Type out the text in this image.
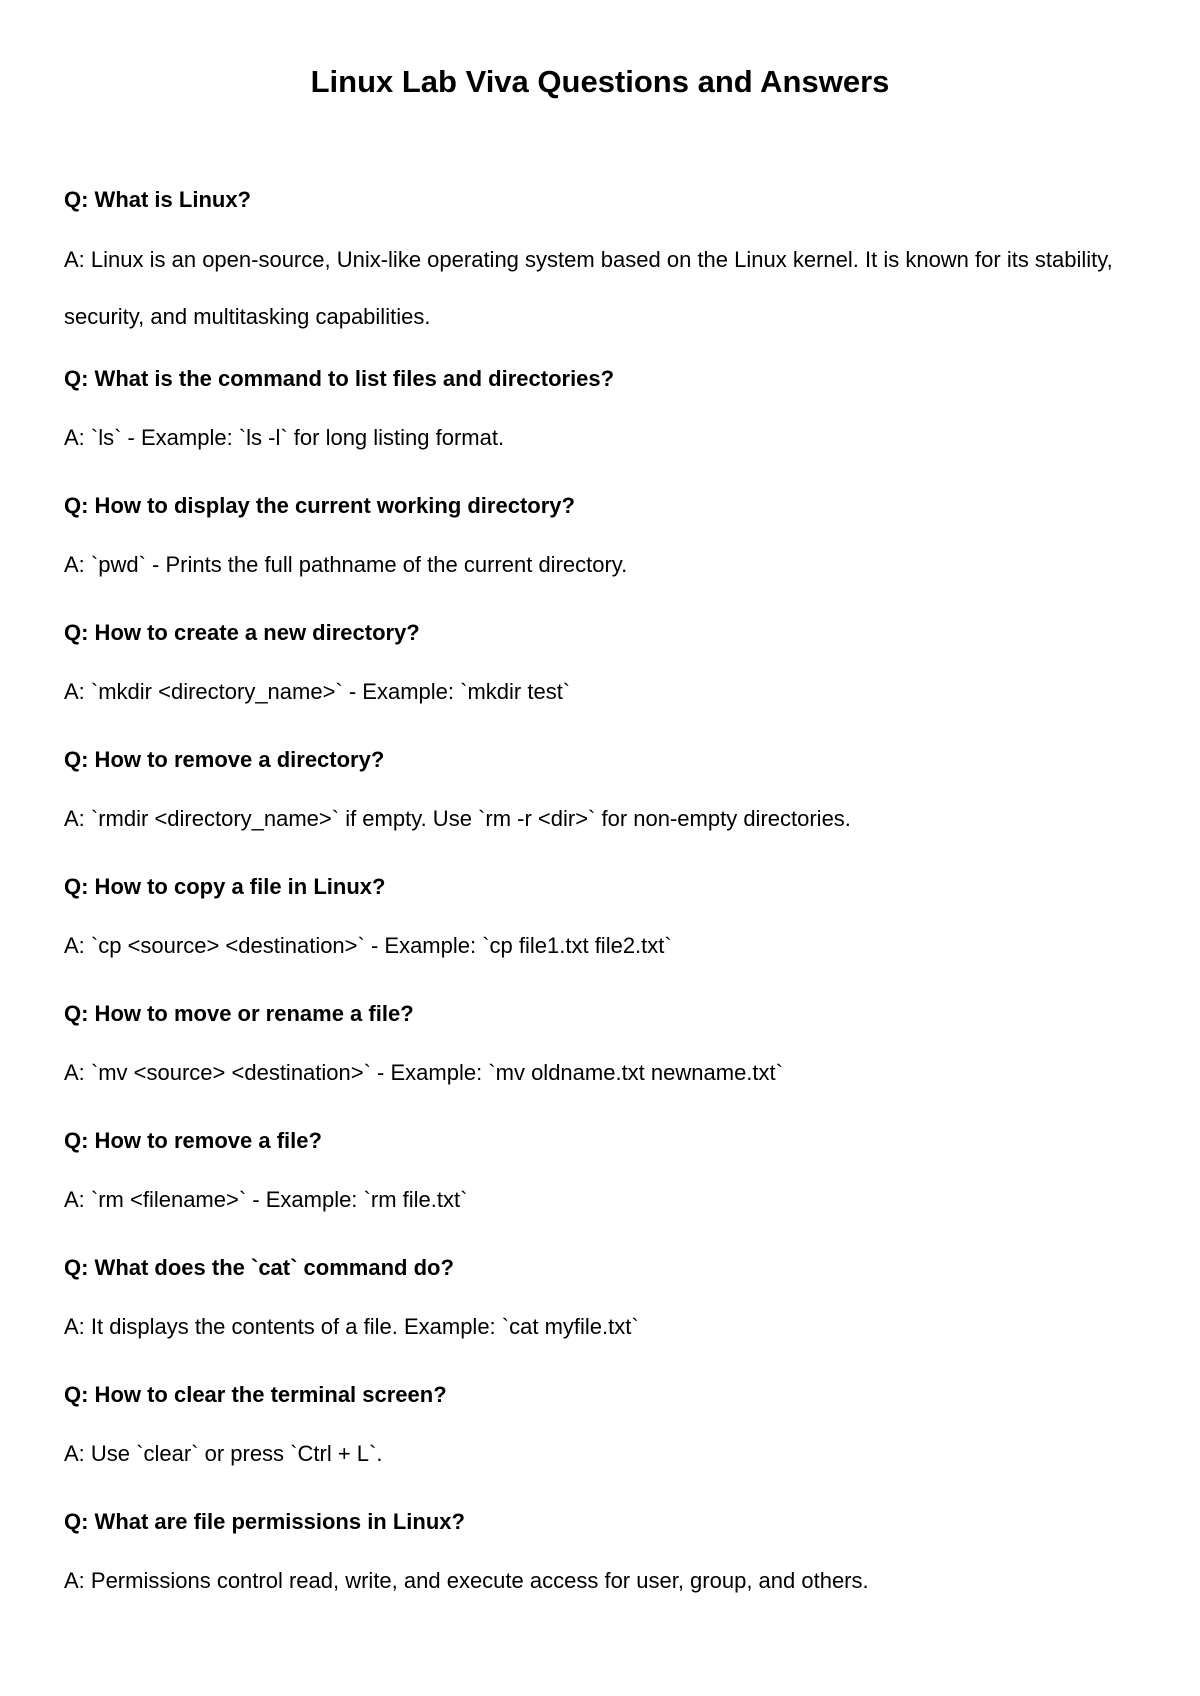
Linux Lab Viva Questions and Answers

Q: What is Linux?

A: Linux is an open-source, Unix-like operating system based on the Linux kernel. It is known for its stability, security, and multitasking capabilities.

Q: What is the command to list files and directories?

A: `ls` - Example: `ls -l` for long listing format.

Q: How to display the current working directory?

A: `pwd` - Prints the full pathname of the current directory.

Q: How to create a new directory?

A: `mkdir <directory_name>` - Example: `mkdir test`

Q: How to remove a directory?

A: `rmdir <directory_name>` if empty. Use `rm -r <dir>` for non-empty directories.

Q: How to copy a file in Linux?

A: `cp <source> <destination>` - Example: `cp file1.txt file2.txt`

Q: How to move or rename a file?

A: `mv <source> <destination>` - Example: `mv oldname.txt newname.txt`

Q: How to remove a file?

A: `rm <filename>` - Example: `rm file.txt`

Q: What does the `cat` command do?

A: It displays the contents of a file. Example: `cat myfile.txt`

Q: How to clear the terminal screen?

A: Use `clear` or press `Ctrl + L`.

Q: What are file permissions in Linux?

A: Permissions control read, write, and execute access for user, group, and others.
